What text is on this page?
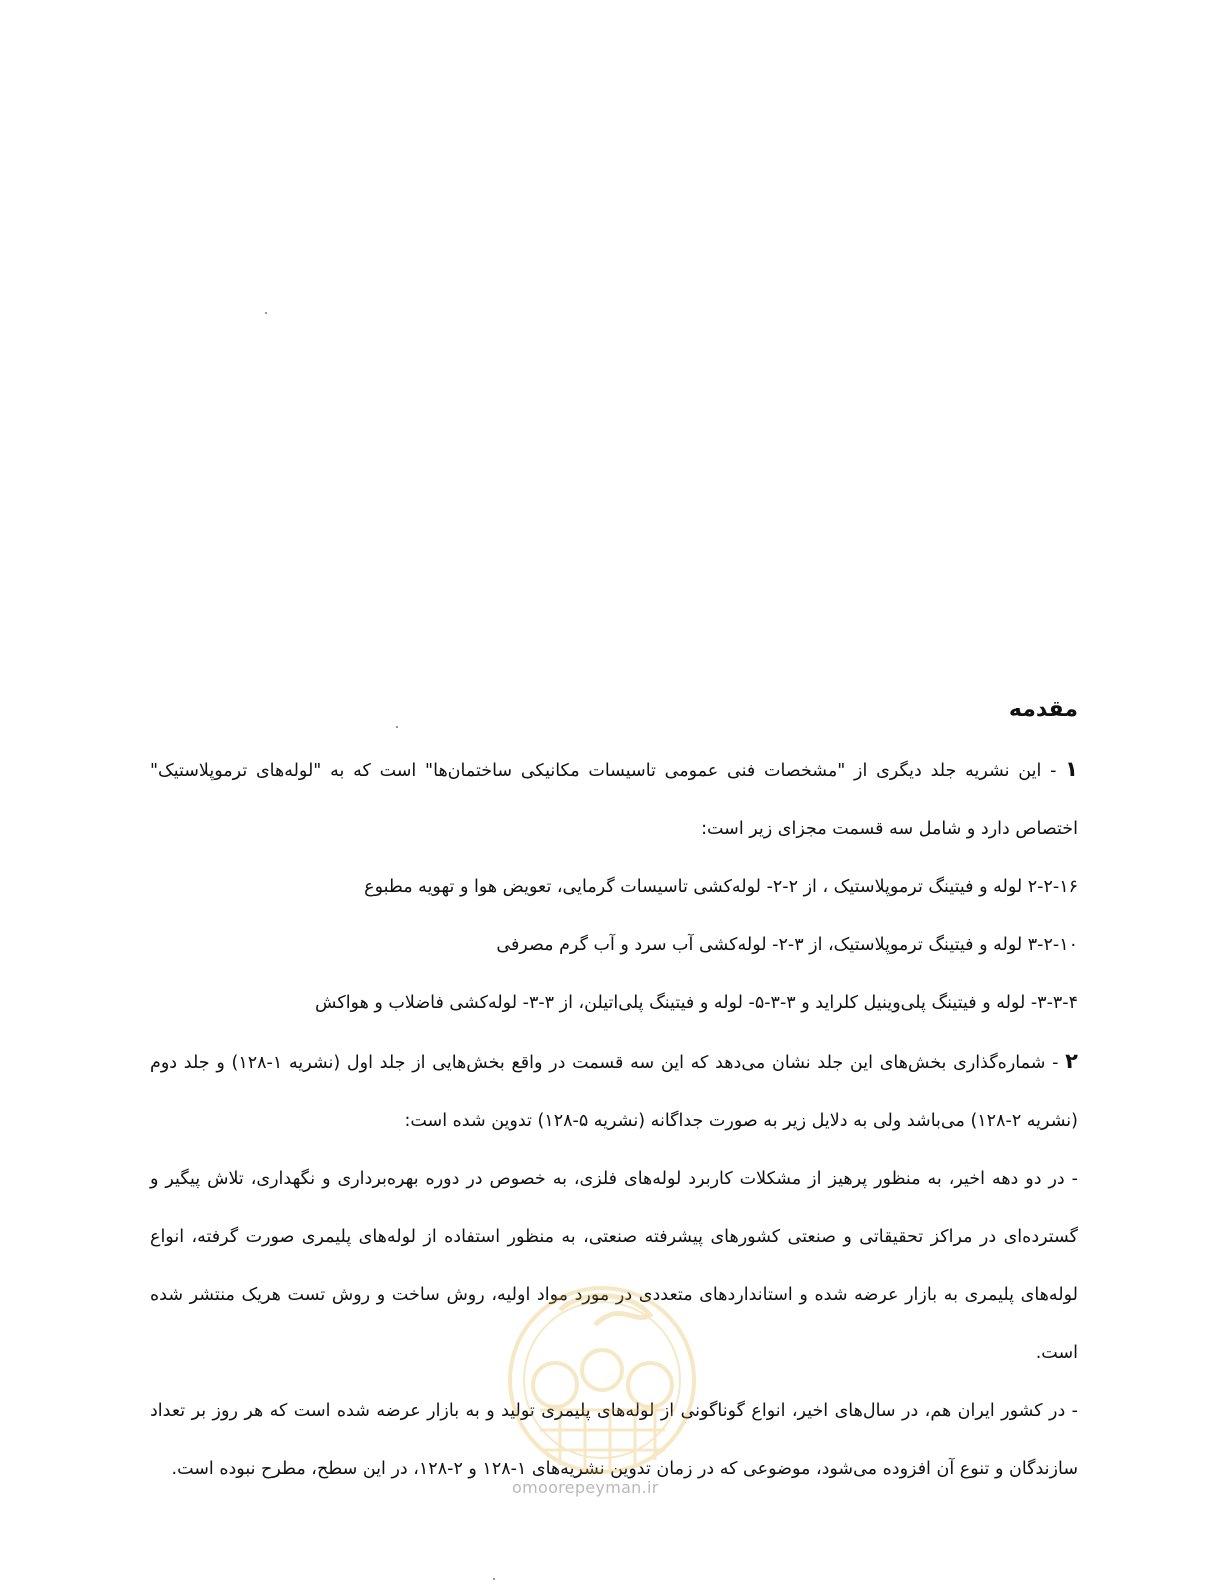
مقدمه

۱ - این نشریه جلد دیگری از "مشخصات فنی عمومی تاسیسات مکانیکی ساختمان‌ها" است که به "لوله‌های ترموپلاستیک" اختصاص دارد و شامل سه قسمت مجزای زیر است:

۲-۲-۱۶ لوله و فیتینگ ترموپلاستیک ، از ۲-۲- لوله‌کشی تاسیسات گرمایی، تعویض هوا و تهویه مطبوع

۳-۲-۱۰ لوله و فیتینگ ترموپلاستیک، از ۳-۲- لوله‌کشی آب سرد و آب گرم مصرفی

۳-۳-۴- لوله و فیتینگ پلی‌وینیل کلراید و ۳-۳-۵- لوله و فیتینگ پلی‌اتیلن، از ۳-۳- لوله‌کشی فاضلاب و هواکش

۲ - شماره‌گذاری بخش‌های این جلد نشان می‌دهد که این سه قسمت در واقع بخش‌هایی از جلد اول (نشریه ۱-۱۲۸) و جلد دوم (نشریه ۲-۱۲۸) می‌باشد ولی به دلایل زیر به صورت جداگانه (نشریه ۵-۱۲۸) تدوین شده است:

- در دو دهه اخیر، به منظور پرهیز از مشکلات کاربرد لوله‌های فلزی، به خصوص در دوره بهره‌برداری و نگهداری، تلاش پیگیر و گسترده‌ای در مراکز تحقیقاتی و صنعتی کشورهای پیشرفته صنعتی، به منظور استفاده از لوله‌های پلیمری صورت گرفته، انواع لوله‌های پلیمری به بازار عرضه شده و استانداردهای متعددی در مورد مواد اولیه، روش ساخت و روش تست هریک منتشر شده است.

- در کشور ایران هم، در سال‌های اخیر، انواع گوناگونی از لوله‌های پلیمری تولید و به بازار عرضه شده است که هر روز بر تعداد سازندگان و تنوع آن افزوده می‌شود، موضوعی که در زمان تدوین نشریه‌های ۱-۱۲۸ و ۲-۱۲۸، در این سطح، مطرح نبوده است.

omoorepeyman.ir
